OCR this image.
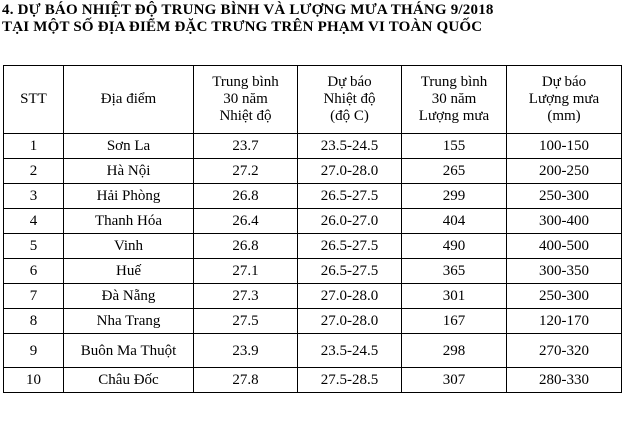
4. DỰ BÁO NHIỆT ĐỘ TRUNG BÌNH VÀ LƯỢNG MƯA THÁNG 9/2018
TẠI MỘT SỐ ĐỊA ĐIỂM ĐẶC TRƯNG TRÊN PHẠM VI TOÀN QUỐC
STT	Địa điểm	Trung bình
30 năm
Nhiệt độ	Dự báo
Nhiệt độ
(độ C)	Trung bình
30 năm
Lượng mưa	Dự báo
Lượng mưa
(mm)

1	Sơn La	23.7	23.5-24.5	155	100-150
2	Hà Nội	27.2	27.0-28.0	265	200-250
3	Hải Phòng	26.8	26.5-27.5	299	250-300
4	Thanh Hóa	26.4	26.0-27.0	404	300-400
5	Vinh	26.8	26.5-27.5	490	400-500
6	Huế	27.1	26.5-27.5	365	300-350
7	Đà Nẵng	27.3	27.0-28.0	301	250-300
8	Nha Trang	27.5	27.0-28.0	167	120-170
9	Buôn Ma Thuột	23.9	23.5-24.5	298	270-320
10	Châu Đốc	27.8	27.5-28.5	307	280-330
